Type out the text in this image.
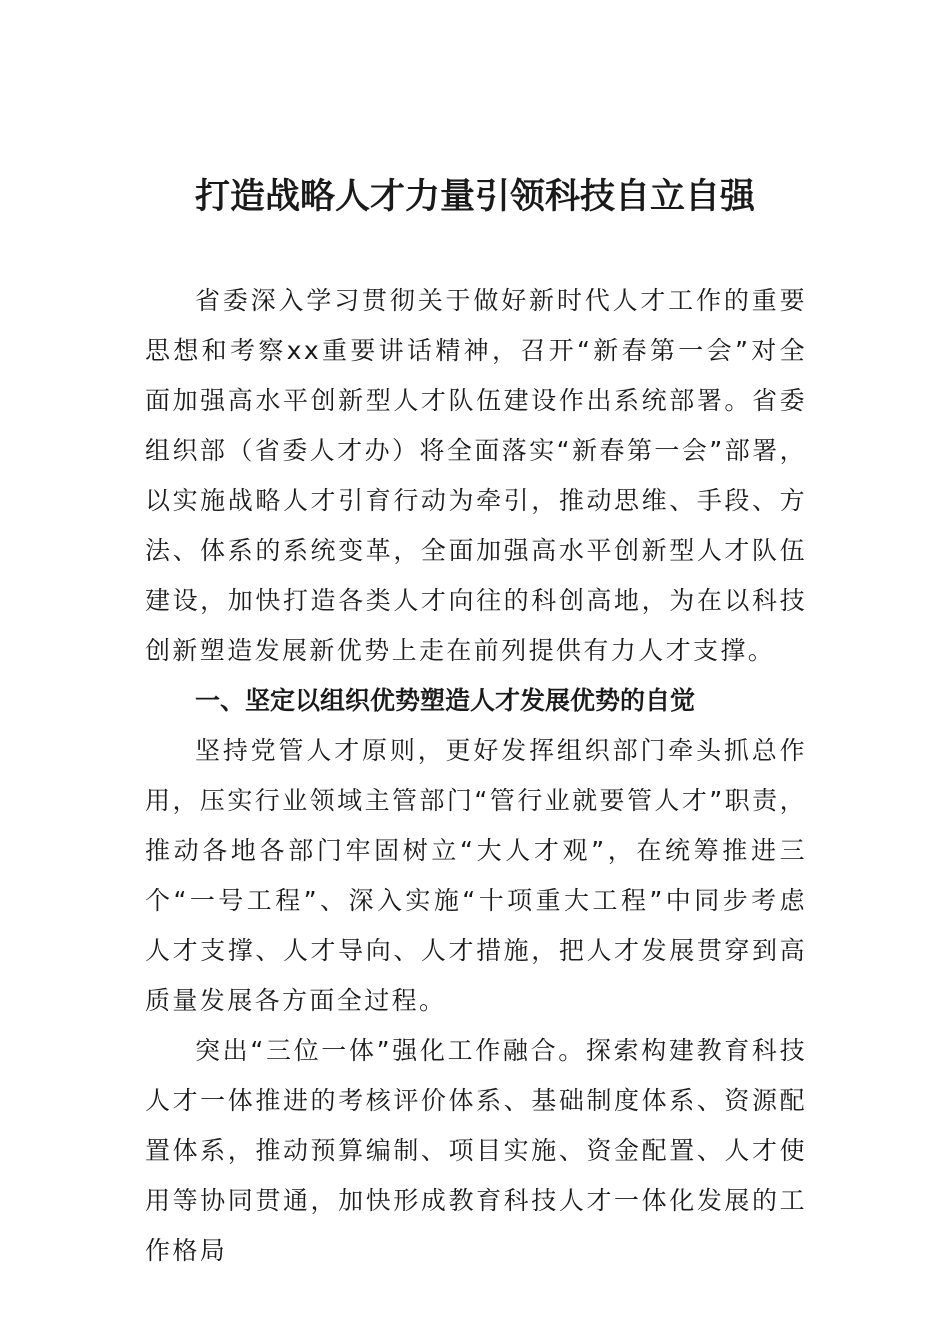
打造战略人才力量引领科技自立自强

省委深入学习贯彻关于做好新时代人才工作的重要思想和考察xx重要讲话精神，召开“新春第一会”对全面加强高水平创新型人才队伍建设作出系统部署。省委组织部（省委人才办）将全面落实“新春第一会”部署，以实施战略人才引育行动为牵引，推动思维、手段、方法、体系的系统变革，全面加强高水平创新型人才队伍建设，加快打造各类人才向往的科创高地，为在以科技创新塑造发展新优势上走在前列提供有力人才支撑。

一、坚定以组织优势塑造人才发展优势的自觉

坚持党管人才原则，更好发挥组织部门牵头抓总作用，压实行业领域主管部门“管行业就要管人才”职责，推动各地各部门牢固树立“大人才观”，在统筹推进三个“一号工程”、深入实施“十项重大工程”中同步考虑人才支撑、人才导向、人才措施，把人才发展贯穿到高质量发展各方面全过程。

突出“三位一体”强化工作融合。探索构建教育科技人才一体推进的考核评价体系、基础制度体系、资源配置体系，推动预算编制、项目实施、资金配置、人才使用等协同贯通，加快形成教育科技人才一体化发展的工作格局
